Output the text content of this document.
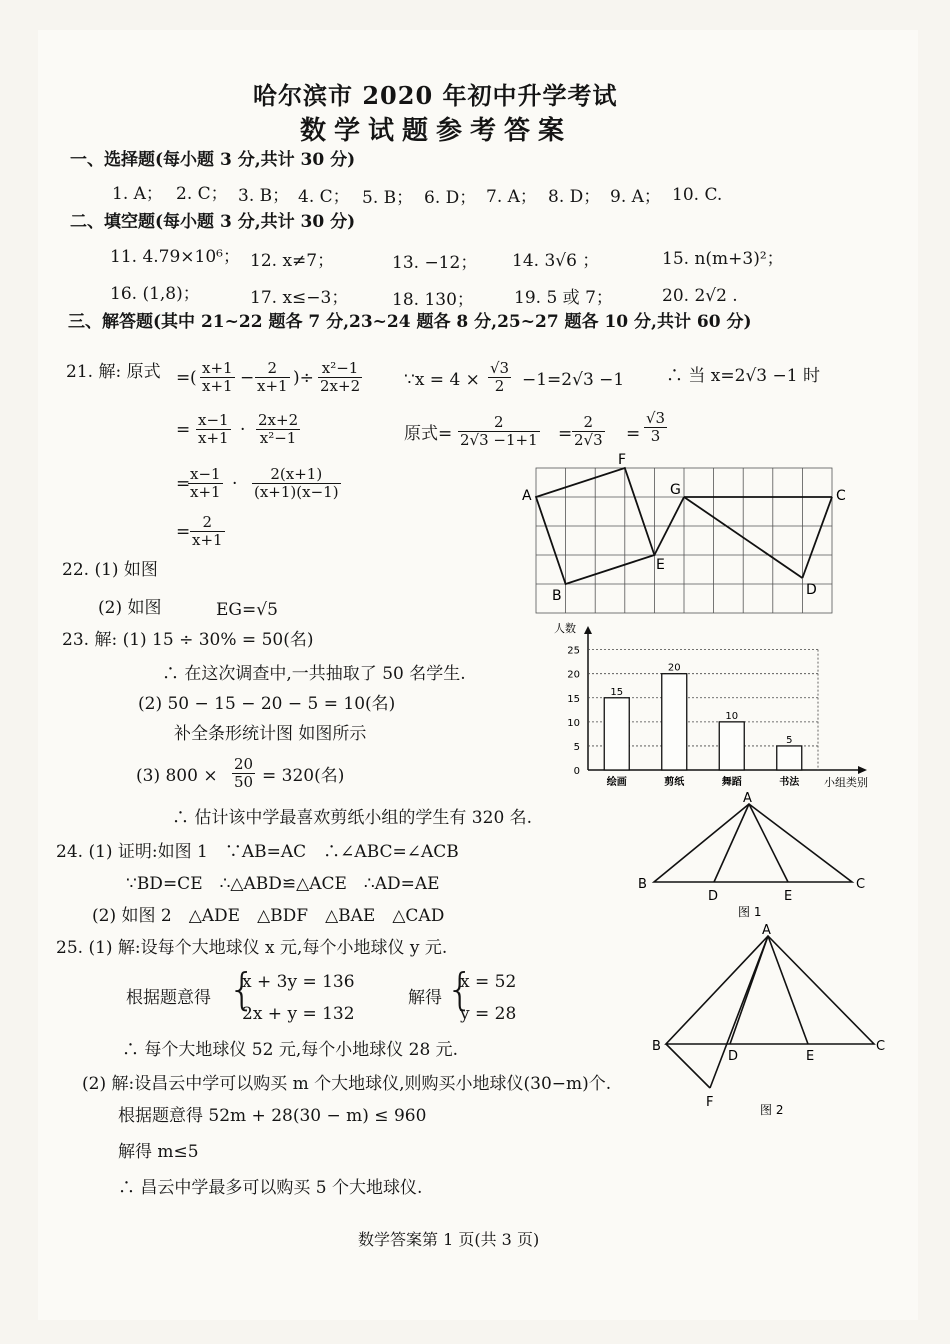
哈尔滨市 2020 年初中升学考试
数学试题参考答案
一、选择题(每小题 3 分,共计 30 分)
1. A； 2. C； 3. B； 4. C； 5. B； 6. D； 7. A； 8. D； 9. A； 10. C.
二、填空题(每小题 3 分,共计 30 分)
11. 4.79×10⁶； 12. x≠7；	13. −12； 14. 3√6 ；	15. n(m+3)²；
16. (1,8)；	17. x≤−3；	18. 130； 19. 5 或 7；	20. 2√2 .
三、解答题(其中 21~22 题各 7 分,23~24 题各 8 分,25~27 题各 10 分,共计 60 分)
21. 解: 原式 = ( $\frac{x+1}{x+1} - \frac{2}{x+1}$ )÷ $\frac{\text{x²−1}}{2x+2}$
= $\frac{x-1}{x+1} \cdot \frac{2x+2}{\text{x²−1}}$
=
$\frac{x-1}{x+1} \cdot \frac{2(x+1)}{(x+1)(x-1)}$
= $\frac{2}{x+1}$
∵x = $4 \times \frac{√3}{2} -1=2√3 -1$ ∴ 当 x=2√3 −1 时
原式= $\frac{2}{2√3 -1+1} = \frac{2}{2√3} = \frac{√3}{3}$
A
F
G	C
E
B	D
22. (1) 如图
(2) 如图	EG=√5
23. 解: (1) 15 ÷ 30% = 50(名)
∴ 在这次调查中,一共抽取了 50 名学生.
(2) 50 − 15 − 20 − 5 = 10(名)
补全条形统计图 如图所示
(3) $800 \times \frac{20}{50} = 320$(名)
∴ 估计该中学最喜欢剪纸小组的学生有 320 名.
人数
小组类别
0
5
10
15
20
25
15
绘画
20
剪纸
10
舞蹈
5
书法
24. (1) 证明:如图 1　∵AB=AC　∴∠ABC=∠ACB
∵BD=CE　∴△ABD≌△ACE　∴AD=AE
(2) 如图 2　△ADE　△BDF　△BAE　△CAD
A
B
D	E
C
图 1
A
B
D	E
C
F	图 2
25. (1) 解:设每个大地球仪 x 元,每个小地球仪 y 元.
根据题意得 {
x + 3y = 136
2x + y = 132
解得 {
x = 52
y = 28
∴ 每个大地球仪 52 元,每个小地球仪 28 元.
(2) 解:设昌云中学可以购买 m 个大地球仪,则购买小地球仪(30−m)个.
根据题意得 52m + 28(30 − m) ≤ 960
解得 m≤5
∴ 昌云中学最多可以购买 5 个大地球仪.
数学答案第 1 页(共 3 页)
